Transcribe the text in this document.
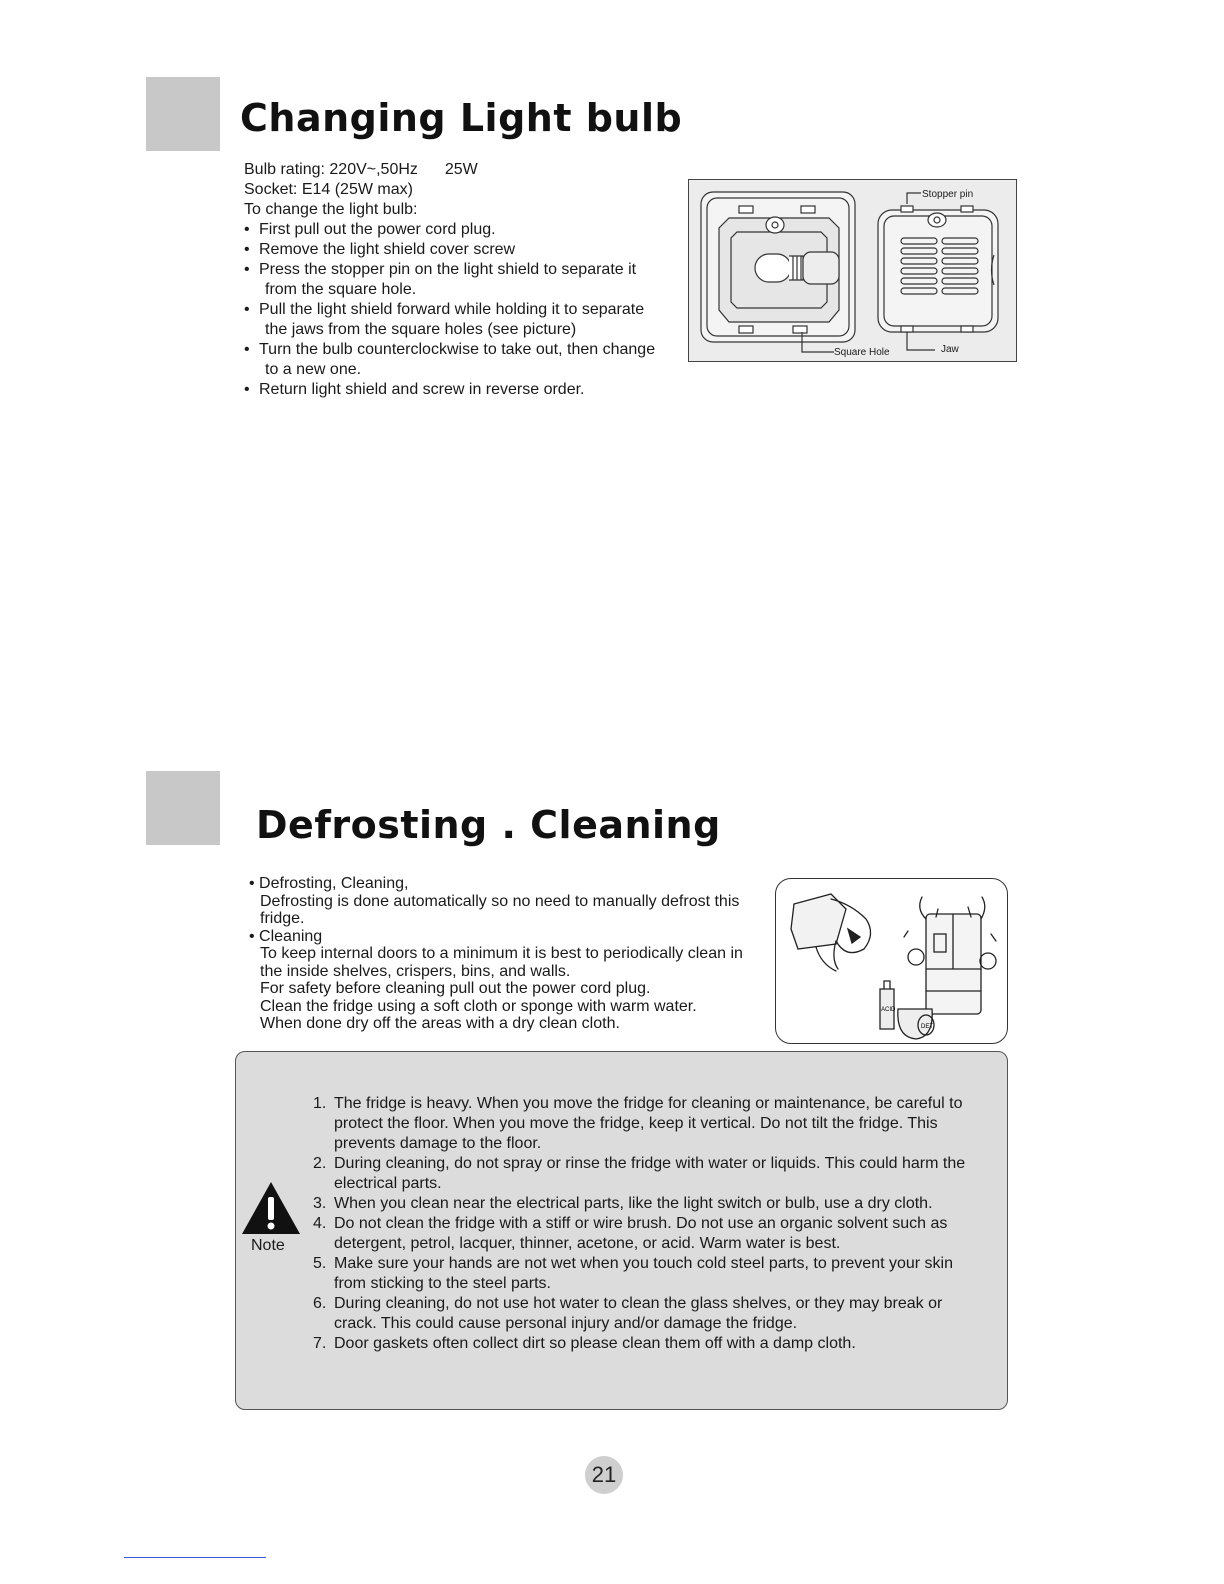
Changing Light bulb
Bulb rating: 220V~,50Hz 25W
Socket: E14 (25W max)
To change the light bulb:
• First pull out the power cord plug.
• Remove the light shield cover screw
• Press the stopper pin on the light shield to separate it
from the square hole.
• Pull the light shield forward while holding it to separate
the jaws from the square holes (see picture)
• Turn the bulb counterclockwise to take out, then change
to a new one.
• Return light shield and screw in reverse order.
Stopper pin
Square Hole	Jaw
Defrosting . Cleaning
• Defrosting, Cleaning,
Defrosting is done automatically so no need to manually defrost this
fridge.
• Cleaning
To keep internal doors to a minimum it is best to periodically clean in
the inside shelves, crispers, bins, and walls.
For safety before cleaning pull out the power cord plug.
Clean the fridge using a soft cloth or sponge with warm water.
When done dry off the areas with a dry clean cloth.
ACID
DET
Note
1. The fridge is heavy. When you move the fridge for cleaning or maintenance, be careful to
protect the floor. When you move the fridge, keep it vertical. Do not tilt the fridge. This
prevents damage to the floor.
2. During cleaning, do not spray or rinse the fridge with water or liquids. This could harm the
electrical parts.
3. When you clean near the electrical parts, like the light switch or bulb, use a dry cloth.
4. Do not clean the fridge with a stiff or wire brush. Do not use an organic solvent such as
detergent, petrol, lacquer, thinner, acetone, or acid. Warm water is best.
5. Make sure your hands are not wet when you touch cold steel parts, to prevent your skin
from sticking to the steel parts.
6. During cleaning, do not use hot water to clean the glass shelves, or they may break or
crack. This could cause personal injury and/or damage the fridge.
7. Door gaskets often collect dirt so please clean them off with a damp cloth.
21
